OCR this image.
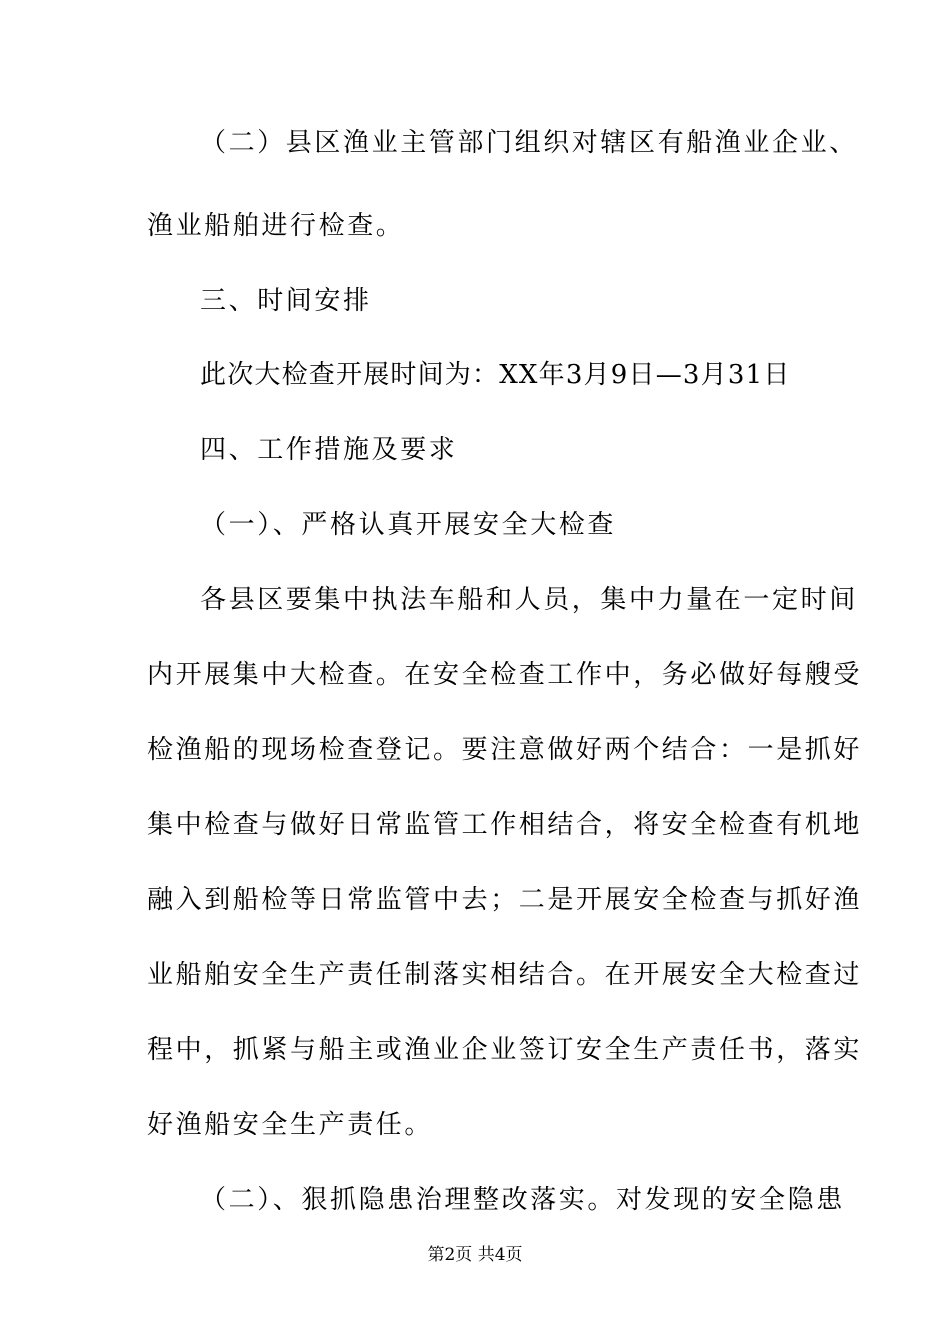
（二）县区渔业主管部门组织对辖区有船渔业企业、
渔业船舶进行检查。
三、时间安排
此次大检查开展时间为：XX年3月9日—3月31日
四、工作措施及要求
（一）、严格认真开展安全大检查
各县区要集中执法车船和人员，集中力量在一定时间
内开展集中大检查。在安全检查工作中，务必做好每艘受
检渔船的现场检查登记。要注意做好两个结合：一是抓好
集中检查与做好日常监管工作相结合，将安全检查有机地
融入到船检等日常监管中去；二是开展安全检查与抓好渔
业船舶安全生产责任制落实相结合。在开展安全大检查过
程中，抓紧与船主或渔业企业签订安全生产责任书，落实
好渔船安全生产责任。
（二）、狠抓隐患治理整改落实。对发现的安全隐患
第2页 共4页
